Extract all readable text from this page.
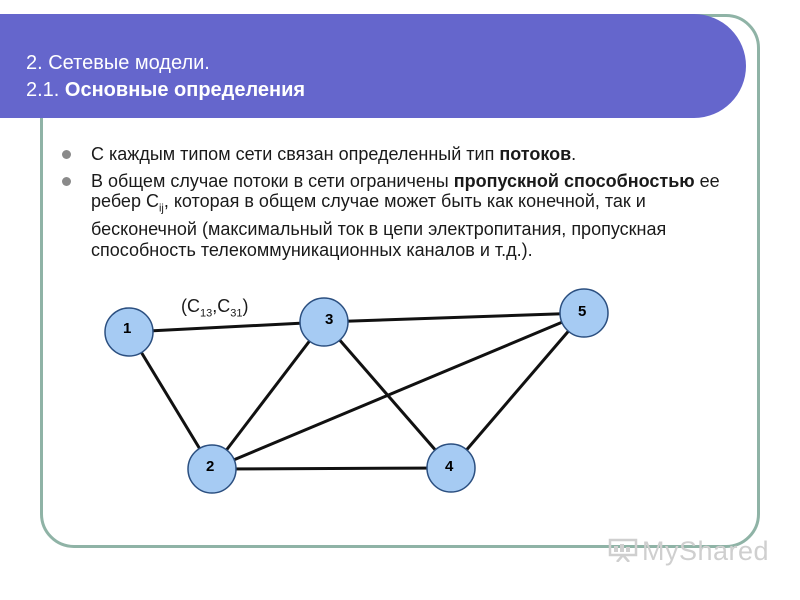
2. Сетевые модели.
2.1. Основные определения
С каждым типом сети связан определенный тип потоков.
В общем случае потоки в сети ограничены пропускной способностью ее ребер $C_{ij}$, которая в общем случае может быть как конечной, так и бесконечной (максимальный ток в цепи электропитания, пропускная способность телекоммуникационных каналов и т.д.).
1
2
3
4
5
$(C_{13},C_{31})$
MyShared
